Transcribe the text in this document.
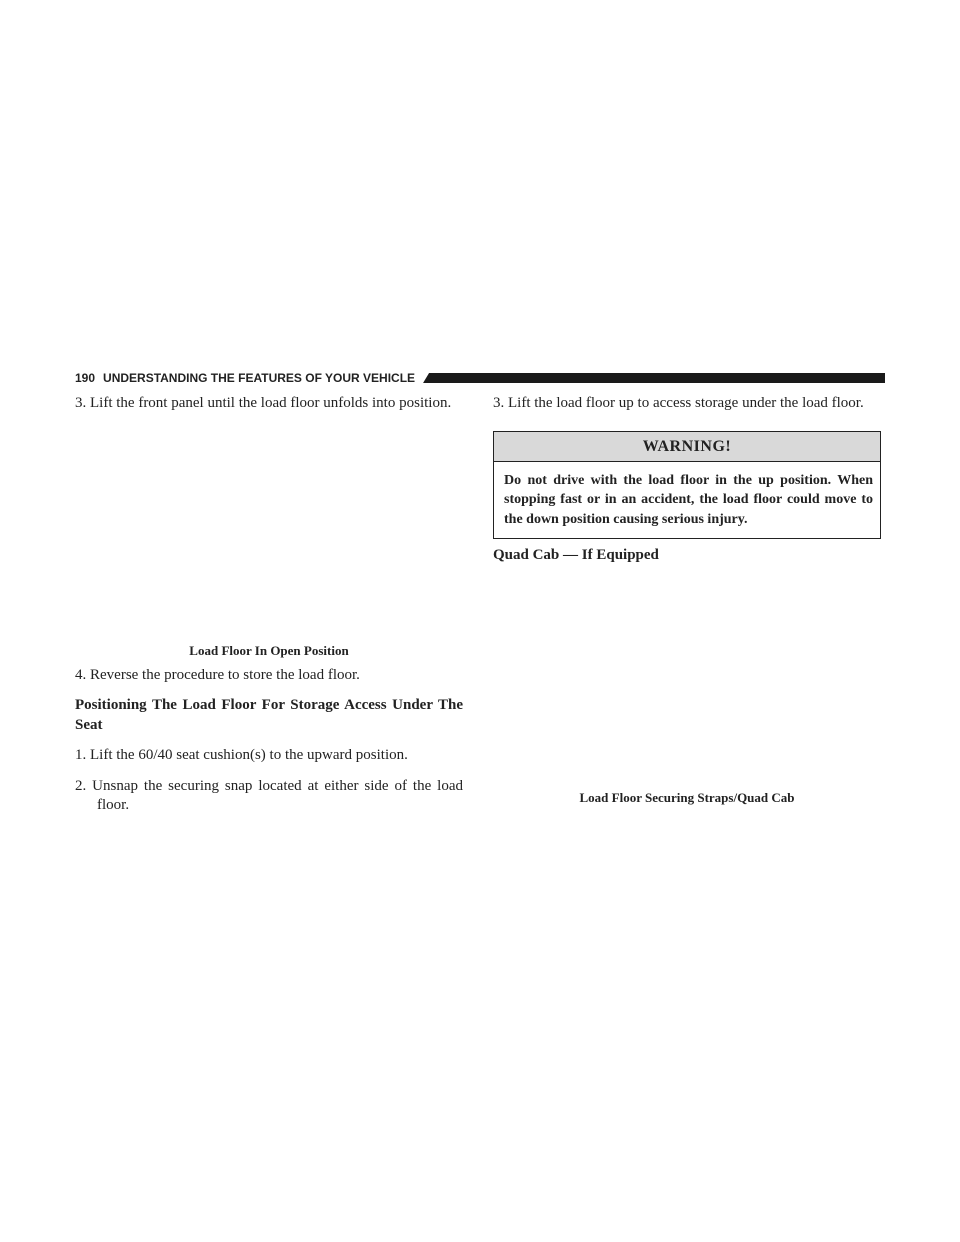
190 UNDERSTANDING THE FEATURES OF YOUR VEHICLE

3. Lift the front panel until the load floor unfolds into position.

Load Floor In Open Position

4. Reverse the procedure to store the load floor.

Positioning The Load Floor For Storage Access Under The Seat

1. Lift the 60/40 seat cushion(s) to the upward position.

2. Unsnap the securing snap located at either side of the load floor.

3. Lift the load floor up to access storage under the load floor.

WARNING!
Do not drive with the load floor in the up position. When stopping fast or in an accident, the load floor could move to the down position causing serious injury.

Quad Cab — If Equipped

Load Floor Securing Straps/Quad Cab
